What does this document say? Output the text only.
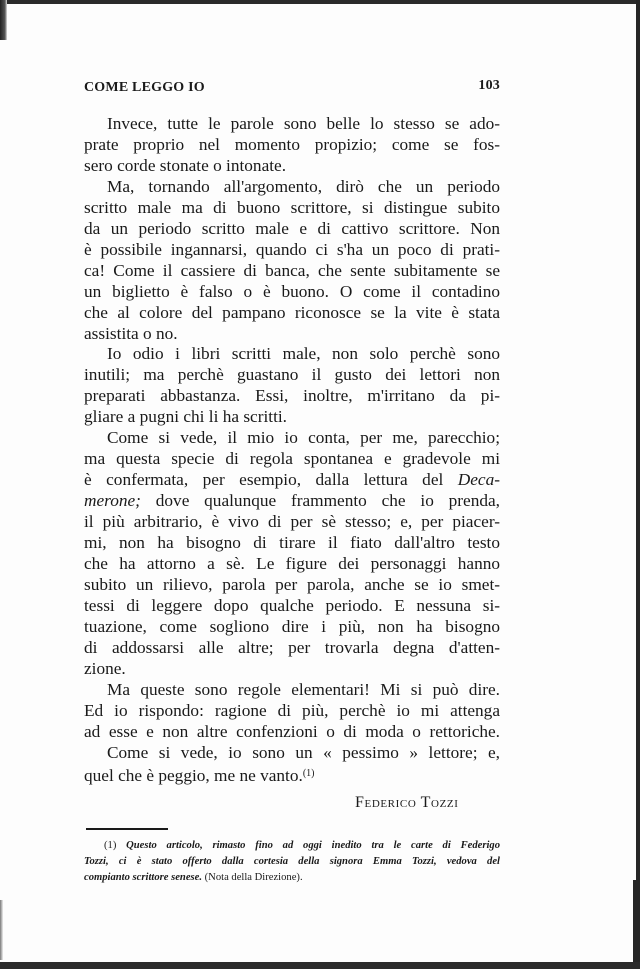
COME LEGGO IO	103

Invece, tutte le parole sono belle lo stesso se ado-
prate proprio nel momento propizio; come se fos-
sero corde stonate o intonate.

Ma, tornando all'argomento, dirò che un periodo
scritto male ma di buono scrittore, si distingue subito
da un periodo scritto male e di cattivo scrittore. Non
è possibile ingannarsi, quando ci s'ha un poco di prati-
ca! Come il cassiere di banca, che sente subitamente se
un biglietto è falso o è buono. O come il contadino
che al colore del pampano riconosce se la vite è stata
assistita o no.

Io odio i libri scritti male, non solo perchè sono
inutili; ma perchè guastano il gusto dei lettori non
preparati abbastanza. Essi, inoltre, m'irritano da pi-
gliare a pugni chi li ha scritti.

Come si vede, il mio io conta, per me, parecchio;
ma questa specie di regola spontanea e gradevole mi
è confermata, per esempio, dalla lettura del Deca-
merone; dove qualunque frammento che io prenda,
il più arbitrario, è vivo di per sè stesso; e, per piacer-
mi, non ha bisogno di tirare il fiato dall'altro testo
che ha attorno a sè. Le figure dei personaggi hanno
subito un rilievo, parola per parola, anche se io smet-
tessi di leggere dopo qualche periodo. E nessuna si-
tuazione, come sogliono dire i più, non ha bisogno
di addossarsi alle altre; per trovarla degna d'atten-
zione.

Ma queste sono regole elementari! Mi si può dire.
Ed io rispondo: ragione di più, perchè io mi attenga
ad esse e non altre confenzioni o di moda o rettoriche.

Come si vede, io sono un « pessimo » lettore; e,
quel che è peggio, me ne vanto.$^{(1)}$

Federico Tozzi
(1) Questo articolo, rimasto fino ad oggi inedito tra le carte di Federigo
Tozzi, ci è stato offerto dalla cortesia della signora Emma Tozzi, vedova del
compianto scrittore senese. (Nota della Direzione).
